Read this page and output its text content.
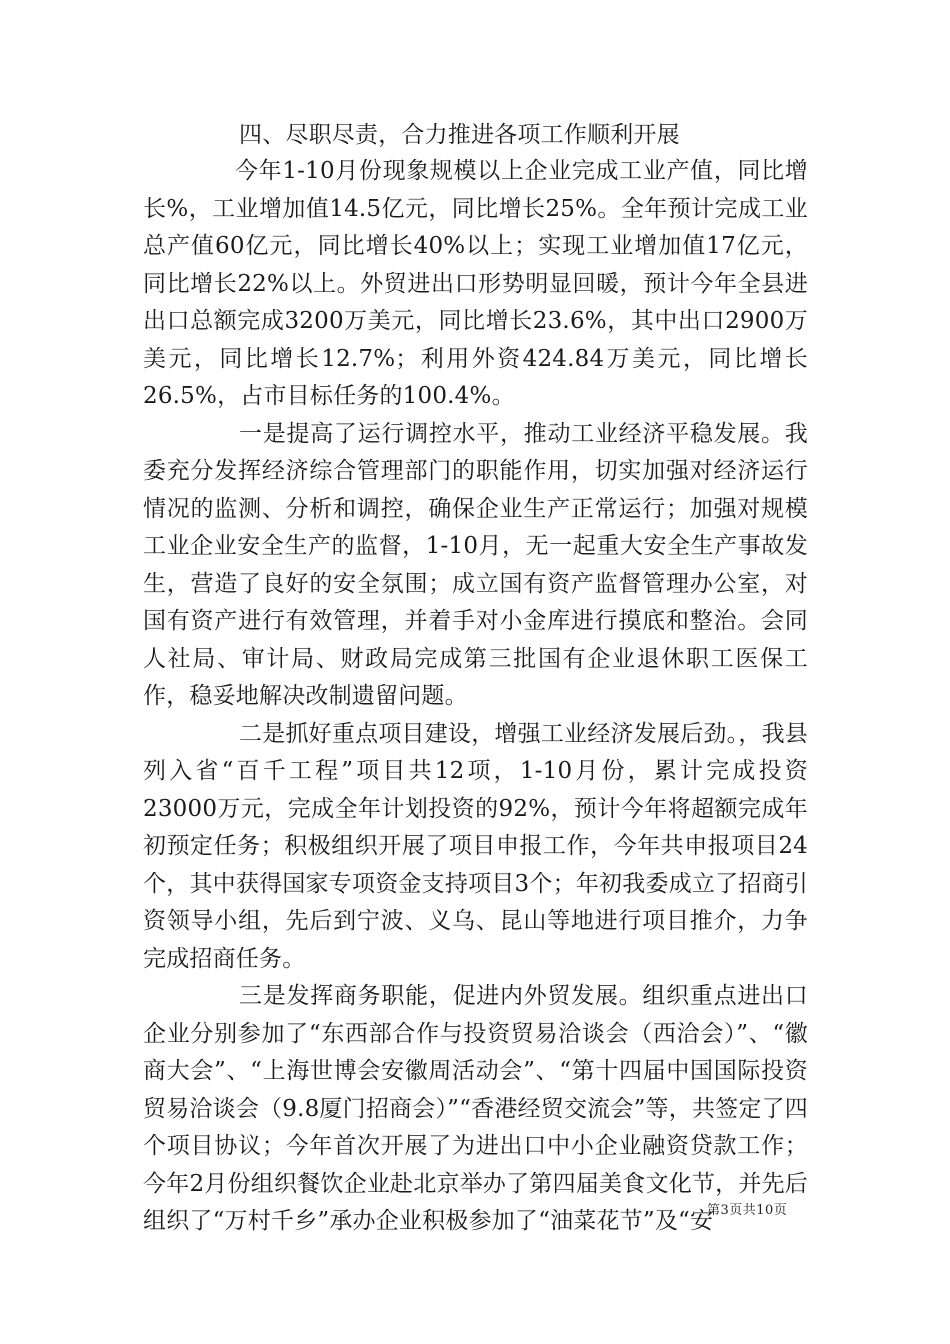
四、尽职尽责，合力推进各项工作顺利开展

今年1-10月份现象规模以上企业完成工业产值，同比增长%，工业增加值14.5亿元，同比增长25%。全年预计完成工业总产值60亿元，同比增长40%以上；实现工业增加值17亿元，同比增长22%以上。外贸进出口形势明显回暖，预计今年全县进出口总额完成3200万美元，同比增长23.6%，其中出口2900万美元，同比增长12.7%；利用外资424.84万美元，同比增长26.5%，占市目标任务的100.4%。

一是提高了运行调控水平，推动工业经济平稳发展。我委充分发挥经济综合管理部门的职能作用，切实加强对经济运行情况的监测、分析和调控，确保企业生产正常运行；加强对规模工业企业安全生产的监督，1-10月，无一起重大安全生产事故发生，营造了良好的安全氛围；成立国有资产监督管理办公室，对国有资产进行有效管理，并着手对小金库进行摸底和整治。会同人社局、审计局、财政局完成第三批国有企业退休职工医保工作，稳妥地解决改制遗留问题。

二是抓好重点项目建设，增强工业经济发展后劲。，我县列入省“百千工程”项目共12项，1-10月份，累计完成投资23000万元，完成全年计划投资的92%，预计今年将超额完成年初预定任务；积极组织开展了项目申报工作，今年共申报项目24个，其中获得国家专项资金支持项目3个；年初我委成立了招商引资领导小组，先后到宁波、义乌、昆山等地进行项目推介，力争完成招商任务。

三是发挥商务职能，促进内外贸发展。组织重点进出口企业分别参加了“东西部合作与投资贸易洽谈会（西洽会）”、“徽商大会”、“上海世博会安徽周活动会”、“第十四届中国国际投资贸易洽谈会（9.8厦门招商会）”“香港经贸交流会”等，共签定了四个项目协议；今年首次开展了为进出口中小企业融资贷款工作；今年2月份组织餐饮企业赴北京举办了第四届美食文化节，并先后组织了“万村千乡”承办企业积极参加了“油菜花节”及“安

第3页共10页
